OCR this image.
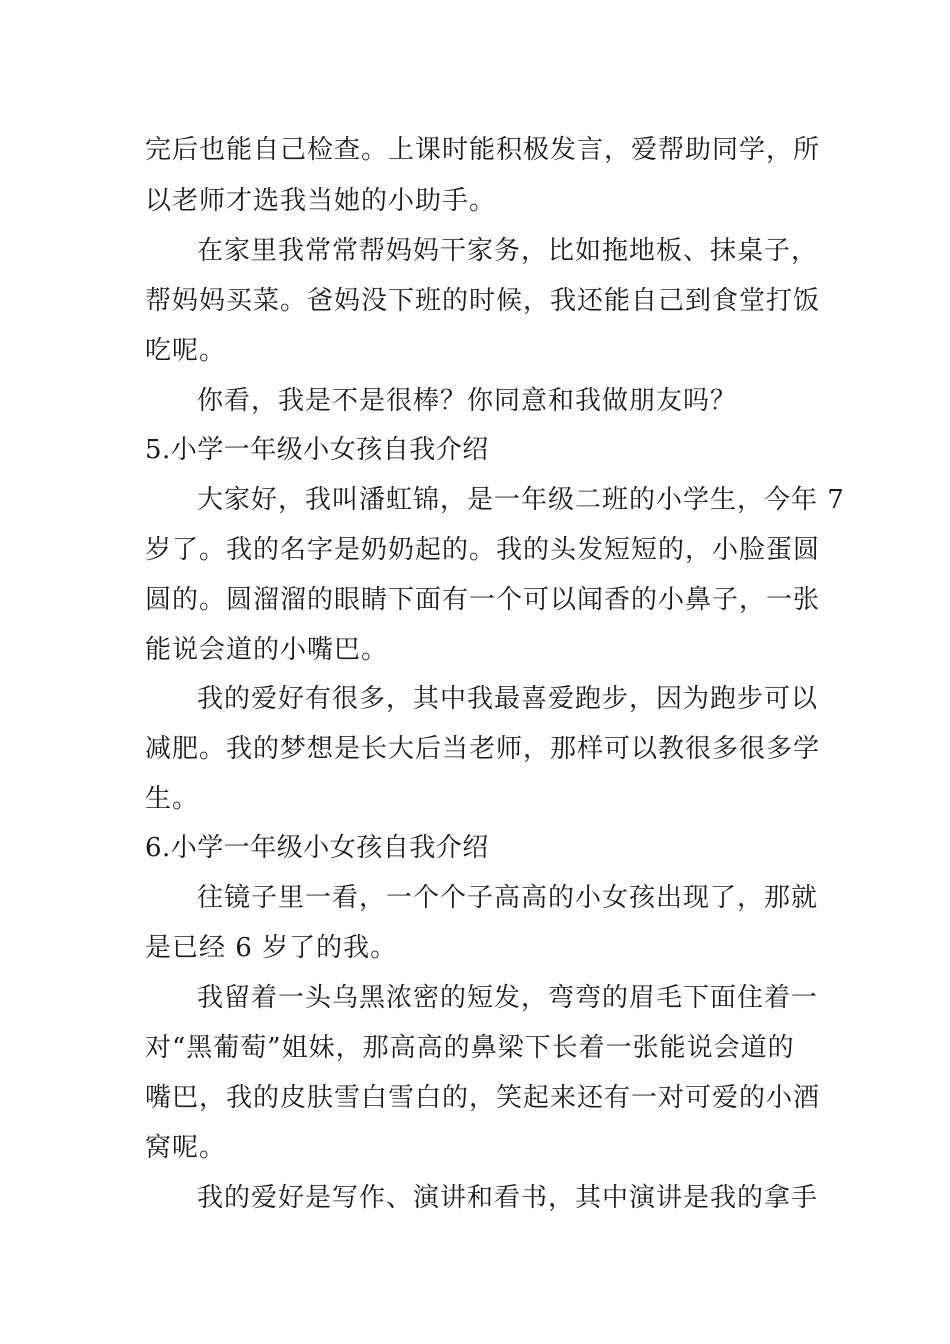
完后也能自己检查。上课时能积极发言，爱帮助同学，所
以老师才选我当她的小助手。
在家里我常常帮妈妈干家务，比如拖地板、抹桌子，
帮妈妈买菜。爸妈没下班的时候，我还能自己到食堂打饭
吃呢。
你看，我是不是很棒？你同意和我做朋友吗？
5.小学一年级小女孩自我介绍
大家好，我叫潘虹锦，是一年级二班的小学生，今年 7
岁了。我的名字是奶奶起的。我的头发短短的，小脸蛋圆
圆的。圆溜溜的眼睛下面有一个可以闻香的小鼻子，一张
能说会道的小嘴巴。
我的爱好有很多，其中我最喜爱跑步，因为跑步可以
减肥。我的梦想是长大后当老师，那样可以教很多很多学
生。
6.小学一年级小女孩自我介绍
往镜子里一看，一个个子高高的小女孩出现了，那就
是已经 6 岁了的我。
我留着一头乌黑浓密的短发，弯弯的眉毛下面住着一
对“黑葡萄”姐妹，那高高的鼻梁下长着一张能说会道的
嘴巴，我的皮肤雪白雪白的，笑起来还有一对可爱的小酒
窝呢。
我的爱好是写作、演讲和看书，其中演讲是我的拿手
